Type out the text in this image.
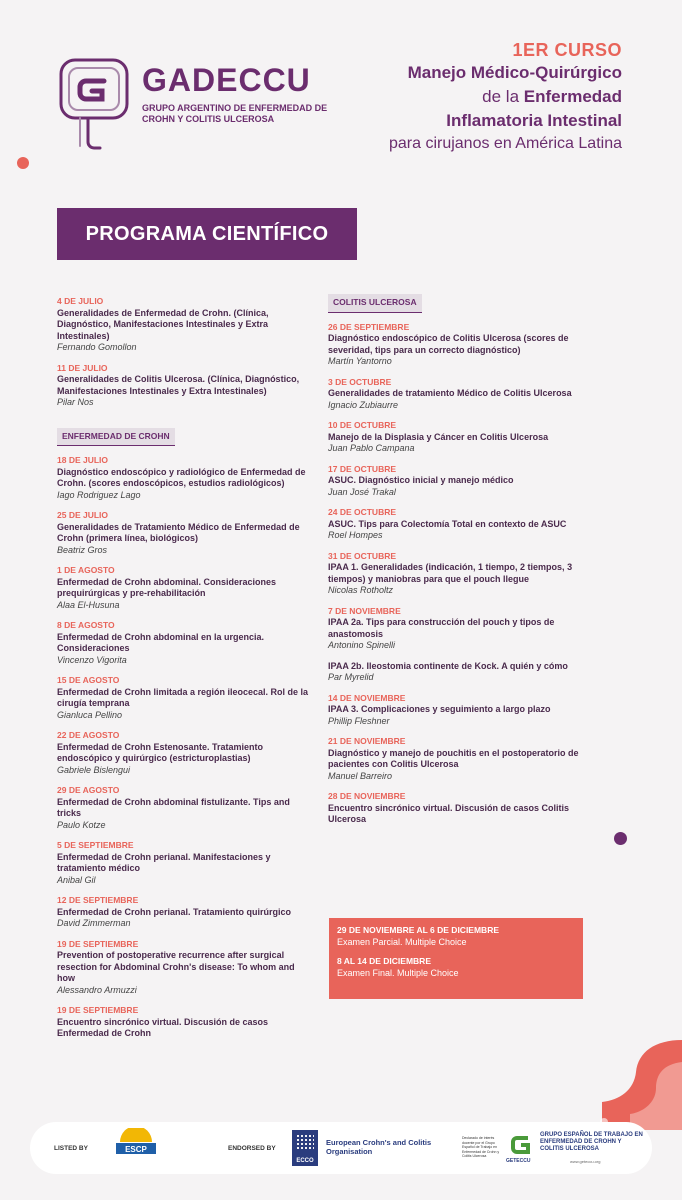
GADECCU
GRUPO ARGENTINO DE ENFERMEDAD DE CROHN Y COLITIS ULCEROSA
1ER CURSO
Manejo Médico-Quirúrgico
de la Enfermedad
Inflamatoria Intestinal
para cirujanos en América Latina
PROGRAMA CIENTÍFICO
4 DE JULIO
Generalidades de Enfermedad de Crohn. (Clínica, Diagnóstico, Manifestaciones Intestinales y Extra Intestinales)
Fernando Gomollon
11 DE JULIO
Generalidades de Colitis Ulcerosa. (Clínica, Diagnóstico, Manifestaciones Intestinales y Extra Intestinales)
Pilar Nos
ENFERMEDAD DE CROHN
18 DE JULIO
Diagnóstico endoscópico y radiológico de Enfermedad de Crohn. (scores endoscópicos, estudios radiológicos)
Iago Rodriguez Lago
25 DE JULIO
Generalidades de Tratamiento Médico de Enfermedad de Crohn (primera línea, biológicos)
Beatriz Gros
1 DE AGOSTO
Enfermedad de Crohn abdominal. Consideraciones prequirúrgicas y pre-rehabilitación
Alaa El-Husuna
8 DE AGOSTO
Enfermedad de Crohn abdominal en la urgencia. Consideraciones
Vincenzo Vigorita
15 DE AGOSTO
Enfermedad de Crohn limitada a región ileocecal. Rol de la cirugía temprana
Gianluca Pellino
22 DE AGOSTO
Enfermedad de Crohn Estenosante. Tratamiento endoscópico y quirúrgico (estricturoplastias)
Gabriele Bislengui
29 DE AGOSTO
Enfermedad de Crohn abdominal fistulizante. Tips and tricks
Paulo Kotze
5 DE SEPTIEMBRE
Enfermedad de Crohn perianal. Manifestaciones y tratamiento médico
Anibal Gil
12 DE SEPTIEMBRE
Enfermedad de Crohn perianal. Tratamiento quirúrgico
David Zimmerman
19 DE SEPTIEMBRE
Prevention of postoperative recurrence after surgical resection for Abdominal Crohn's disease: To whom and how
Alessandro Armuzzi
19 DE SEPTIEMBRE
Encuentro sincrónico virtual. Discusión de casos Enfermedad de Crohn
COLITIS ULCEROSA
26 DE SEPTIEMBRE
Diagnóstico endoscópico de Colitis Ulcerosa (scores de severidad, tips para un correcto diagnóstico)
Martín Yantorno
3 DE OCTUBRE
Generalidades de tratamiento Médico de Colitis Ulcerosa
Ignacio Zubiaurre
10 DE OCTUBRE
Manejo de la Displasia y Cáncer en Colitis Ulcerosa
Juan Pablo Campana
17 DE OCTUBRE
ASUC. Diagnóstico inicial y manejo médico
Juan José Trakal
24 DE OCTUBRE
ASUC. Tips para Colectomía Total en contexto de ASUC
Roel Hompes
31 DE OCTUBRE
IPAA 1. Generalidades (indicación, 1 tiempo, 2 tiempos, 3 tiempos) y maniobras para que el pouch llegue
Nicolas Rotholtz
7 DE NOVIEMBRE
IPAA 2a. Tips para construcción del pouch y tipos de anastomosis
Antonino Spinelli
IPAA 2b. Ileostomia continente de Kock. A quién y cómo
Par Myrelid
14 DE NOVIEMBRE
IPAA 3. Complicaciones y seguimiento a largo plazo
Phillip Fleshner
21 DE NOVIEMBRE
Diagnóstico y manejo de pouchitis en el postoperatorio de pacientes con Colitis Ulcerosa
Manuel Barreiro
28 DE NOVIEMBRE
Encuentro sincrónico virtual. Discusión de casos Colitis Ulcerosa
29 DE NOVIEMBRE AL 6 DE DICIEMBRE
Examen Parcial. Multiple Choice
8 AL 14 DE DICIEMBRE
Examen Final. Multiple Choice
LISTED BY	ESCP	ENDORSED BY
ECCO
European Crohn's and Colitis Organisation
Declarado de interés docente por el Grupo Español de Trabajo en Enfermedad de Crohn y Colitis Ulcerosa
GETECCU
GRUPO ESPAÑOL DE TRABAJO EN ENFERMEDAD DE CROHN Y COLITIS ULCEROSA
www.geteccu.org
